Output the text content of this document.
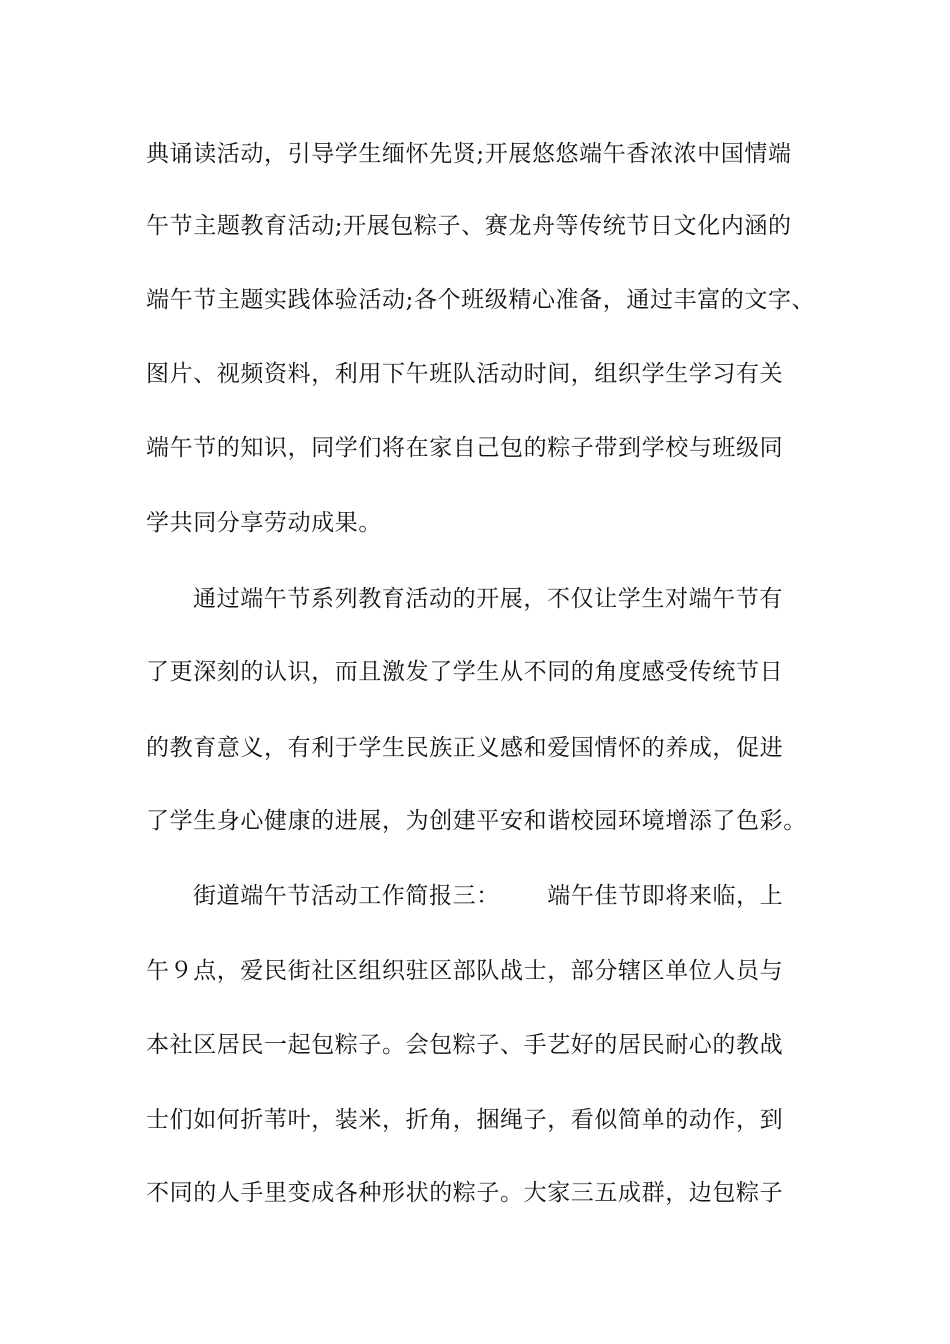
典诵读活动，引导学生缅怀先贤;开展悠悠端午香浓浓中国情端
午节主题教育活动;开展包粽子、赛龙舟等传统节日文化内涵的
端午节主题实践体验活动;各个班级精心准备，通过丰富的文字、
图片、视频资料，利用下午班队活动时间，组织学生学习有关
端午节的知识，同学们将在家自己包的粽子带到学校与班级同
学共同分享劳动成果。
通过端午节系列教育活动的开展，不仅让学生对端午节有
了更深刻的认识，而且激发了学生从不同的角度感受传统节日
的教育意义，有利于学生民族正义感和爱国情怀的养成，促进
了学生身心健康的进展，为创建平安和谐校园环境增添了色彩。
街道端午节活动工作简报三：      端午佳节即将来临，上
午９点，爱民街社区组织驻区部队战士，部分辖区单位人员与
本社区居民一起包粽子。会包粽子、手艺好的居民耐心的教战
士们如何折苇叶，装米，折角，捆绳子，看似简单的动作，到
不同的人手里变成各种形状的粽子。大家三五成群，边包粽子
